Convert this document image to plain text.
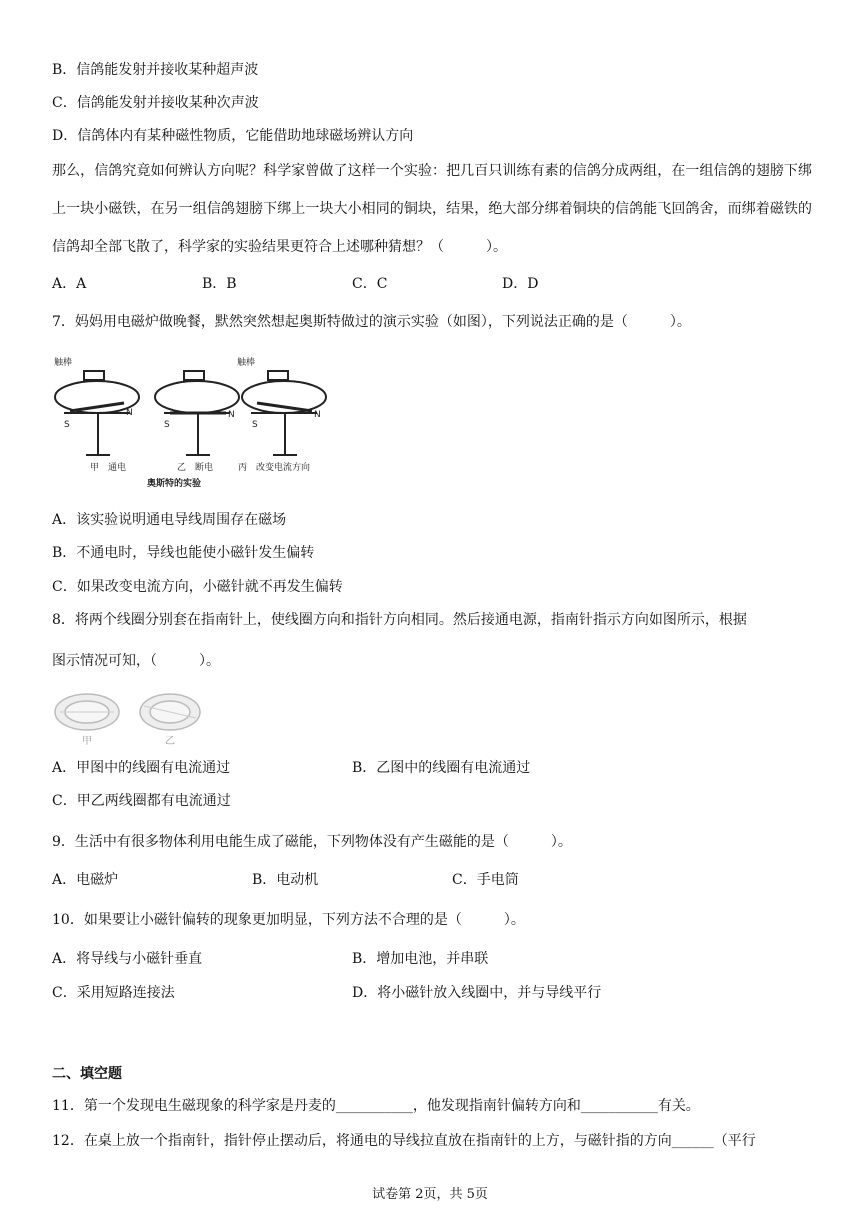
B．信鸽能发射并接收某种超声波
C．信鸽能发射并接收某种次声波
D．信鸽体内有某种磁性物质，它能借助地球磁场辨认方向
那么，信鸽究竟如何辨认方向呢？科学家曾做了这样一个实验：把几百只训练有素的信鸽分成两组，在一组信鸽的翅膀下绑上一块小磁铁，在另一组信鸽翅膀下绑上一块大小相同的铜块，结果，绝大部分绑着铜块的信鸽能飞回鸽舍，而绑着磁铁的信鸽却全部飞散了，科学家的实验结果更符合上述哪种猜想？（　　　）。
A．A	B．B	C．C	D．D
7．妈妈用电磁炉做晚餐，默然突然想起奥斯特做过的演示实验（如图），下列说法正确的是（　　　）。
触棒	触棒
S
N
S
N
S
N
甲　通电	乙　断电	丙　改变电流方向
奥斯特的实验
A．该实验说明通电导线周围存在磁场
B．不通电时，导线也能使小磁针发生偏转
C．如果改变电流方向，小磁针就不再发生偏转
8．将两个线圈分别套在指南针上，使线圈方向和指针方向相同。然后接通电源，指南针指示方向如图所示，根据
图示情况可知，（　　　）。
甲	乙
A．甲图中的线圈有电流通过	B．乙图中的线圈有电流通过
C．甲乙两线圈都有电流通过
9．生活中有很多物体利用电能生成了磁能，下列物体没有产生磁能的是（　　　）。
A．电磁炉	B．电动机	C．手电筒
10．如果要让小磁针偏转的现象更加明显，下列方法不合理的是（　　　）。
A．将导线与小磁针垂直	B．增加电池，并串联
C．采用短路连接法	D．将小磁针放入线圈中，并与导线平行
二、填空题
11．第一个发现电生磁现象的科学家是丹麦的___________，他发现指南针偏转方向和___________有关。
12．在桌上放一个指南针，指针停止摆动后，将通电的导线拉直放在指南针的上方，与磁针指的方向______（平行
试卷第 2页，共 5页
